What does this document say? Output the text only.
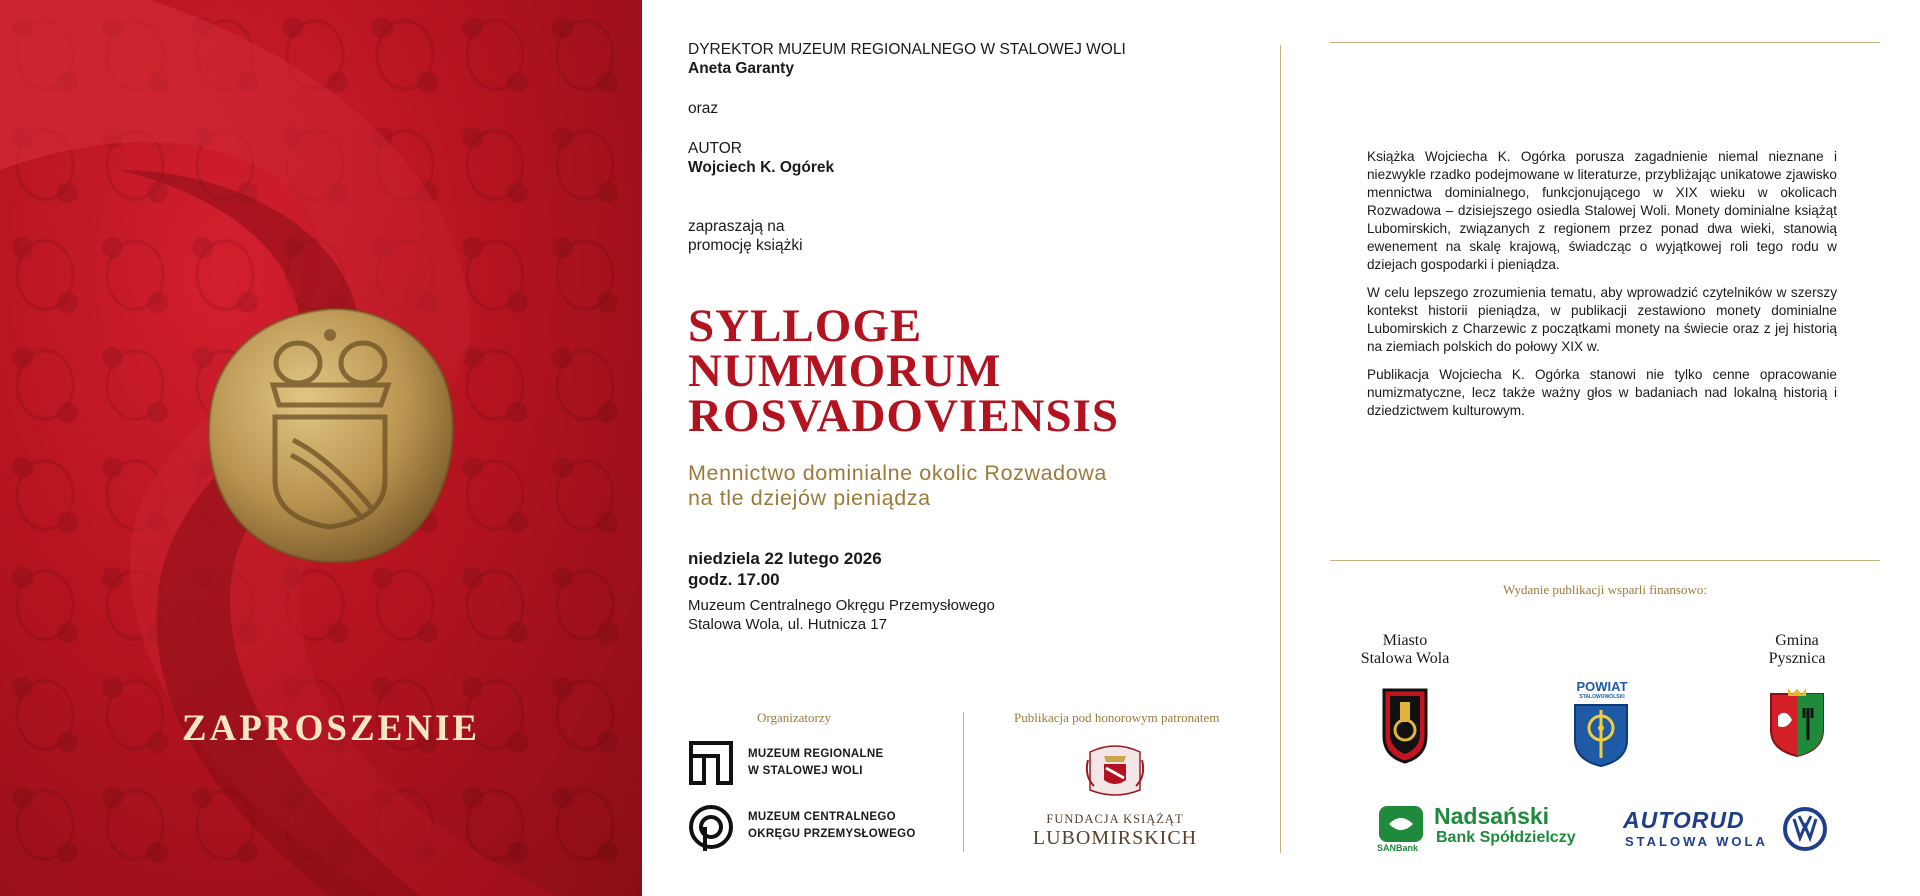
ZAPROSZENIE
DYREKTOR MUZEUM REGIONALNEGO W STALOWEJ WOLI
Aneta Garanty
oraz
AUTOR
Wojciech K. Ogórek
zapraszają na
promocję książki
SYLLOGE
NUMMORUM
ROSVADOVIENSIS
Mennictwo dominialne okolic Rozwadowa
na tle dziejów pieniądza
niedziela 22 lutego 2026
godz. 17.00
Muzeum Centralnego Okręgu Przemysłowego
Stalowa Wola, ul. Hutnicza 17
Organizatorzy
MUZEUM REGIONALNE
W STALOWEJ WOLI
MUZEUM CENTRALNEGO
OKRĘGU PRZEMYSŁOWEGO
Publikacja pod honorowym patronatem
FUNDACJA KSIĄŻĄT
LUBOMIRSKICH

Książka Wojciecha K. Ogórka porusza zagadnienie niemal nieznane i niezwykle rzadko podejmowane w literaturze, przybliżając unikatowe zjawisko mennictwa dominialnego, funkcjonującego w XIX wieku w okolicach Rozwadowa – dzisiejszego osiedla Stalowej Woli. Monety dominialne książąt Lubomirskich, związanych z regionem przez ponad dwa wieki, stanowią ewenement na skalę krajową, świadcząc o wyjątkowej roli tego rodu w dziejach gospodarki i pieniądza.

W celu lepszego zrozumienia tematu, aby wprowadzić czytelników w szerszy kontekst historii pieniądza, w publikacji zestawiono monety dominialne Lubomirskich z Charzewic z początkami monety na świecie oraz z jej historią na ziemiach polskich do połowy XIX w.

Publikacja Wojciecha K. Ogórka stanowi nie tylko cenne opracowanie numizmatyczne, lecz także ważny głos w badaniach nad lokalną historią i dziedzictwem kulturowym.

Wydanie publikacji wsparli finansowo:
Miasto
Stalowa Wola
POWIAT
STALOWOWOLSKI
Gmina
Pysznica
SANBank
Nadsański
Bank Spółdzielczy
AUTORUD
STALOWA WOLA
